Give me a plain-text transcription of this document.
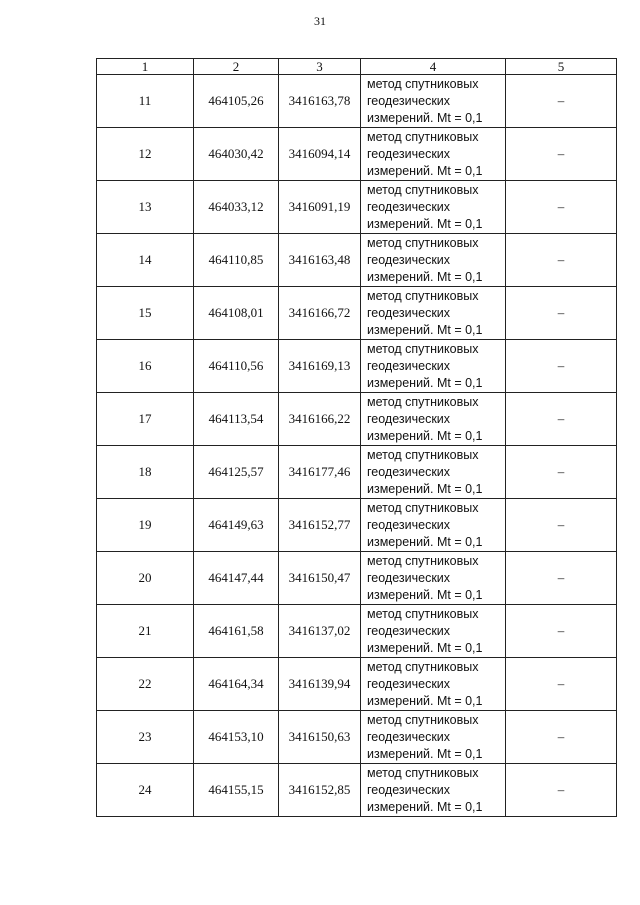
31
1	2	3	4	5
11	464105,26	3416163,78	метод спутниковых
геодезических
измерений. Mt = 0,1	–
12	464030,42	3416094,14	метод спутниковых
геодезических
измерений. Mt = 0,1	–
13	464033,12	3416091,19	метод спутниковых
геодезических
измерений. Mt = 0,1	–
14	464110,85	3416163,48	метод спутниковых
геодезических
измерений. Mt = 0,1	–
15	464108,01	3416166,72	метод спутниковых
геодезических
измерений. Mt = 0,1	–
16	464110,56	3416169,13	метод спутниковых
геодезических
измерений. Mt = 0,1	–
17	464113,54	3416166,22	метод спутниковых
геодезических
измерений. Mt = 0,1	–
18	464125,57	3416177,46	метод спутниковых
геодезических
измерений. Mt = 0,1	–
19	464149,63	3416152,77	метод спутниковых
геодезических
измерений. Mt = 0,1	–
20	464147,44	3416150,47	метод спутниковых
геодезических
измерений. Mt = 0,1	–
21	464161,58	3416137,02	метод спутниковых
геодезических
измерений. Mt = 0,1	–
22	464164,34	3416139,94	метод спутниковых
геодезических
измерений. Mt = 0,1	–
23	464153,10	3416150,63	метод спутниковых
геодезических
измерений. Mt = 0,1	–
24	464155,15	3416152,85	метод спутниковых
геодезических
измерений. Mt = 0,1	–
